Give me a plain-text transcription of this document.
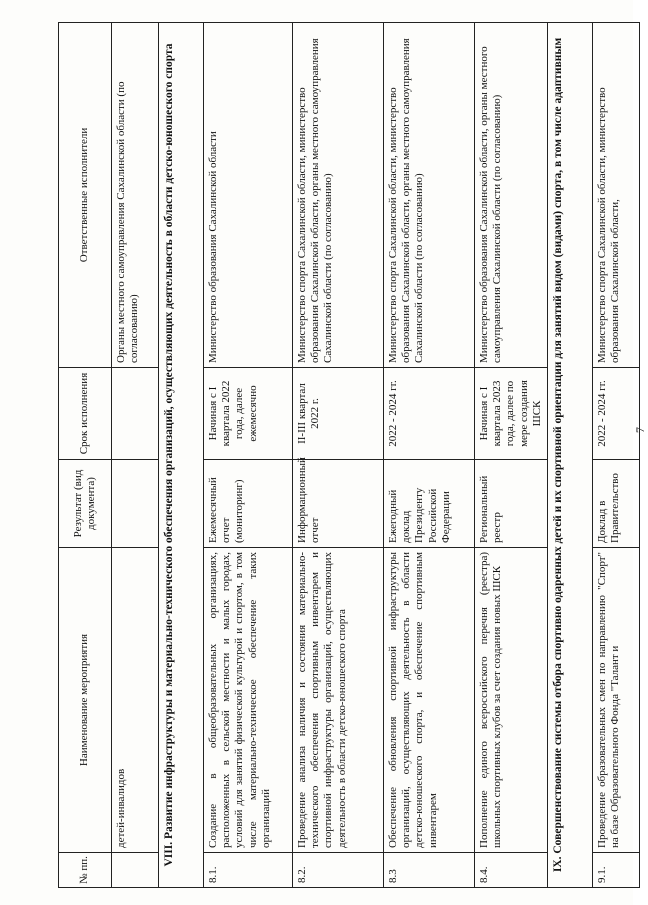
7
№ пп.	Наименование мероприятия	Результат (вид документа)	Срок исполнения	Ответственные исполнители
	детей-инвалидов			Органы местного самоуправления Сахалинской области (по согласованию)
VIII. Развитие инфраструктуры и материально-технического обеспечения организаций, осуществляющих деятельность в области детско-юношеского спорта				
8.1.	Создание в общеобразовательных организациях, расположенных в сельской местности и малых городах, условий для занятий физической культурой и спортом, в том числе материально-техническое обеспечение таких организаций	Ежемесячный отчет (мониторинг)	Начиная с I квартала 2022 года, далее ежемесячно	Министерство образования Сахалинской области
8.2.	Проведение анализа наличия и состояния материально-технического обеспечения спортивным инвентарем и спортивной инфраструктуры организаций, осуществляющих деятельность в области детско-юношеского спорта	Информационный отчет	II-III квартал 2022 г.	Министерство спорта Сахалинской области, министерство образования Сахалинской области, органы местного самоуправления Сахалинской области (по согласованию)
8.3	Обеспечение обновления спортивной инфраструктуры организаций, осуществляющих деятельность в области детско-юношеского спорта, и обеспечение спортивным инвентарем	Ежегодный доклад Президенту Российской Федерации	2022 - 2024 гг.	Министерство спорта Сахалинской области, министерство образования Сахалинской области, органы местного самоуправления Сахалинской области (по согласованию)
8.4.	Пополнение единого всероссийского перечня (реестра) школьных спортивных клубов за счет создания новых ШСК	Региональный реестр	Начиная с I квартала 2023 года, далее по мере создания ШСК	Министерство образования Сахалинской области, органы местного самоуправления Сахалинской области (по согласованию)
IX. Совершенствование системы отбора спортивно одаренных детей и их спортивной ориентации для занятий видом (видами) спорта, в том числе адаптивным				
9.1.	Проведение образовательных смен по направлению "Спорт" на базе Образовательного Фонда "Талант и	Доклад в Правительство	2022 - 2024 гг.	Министерство спорта Сахалинской области, министерство образования Сахалинской области,
